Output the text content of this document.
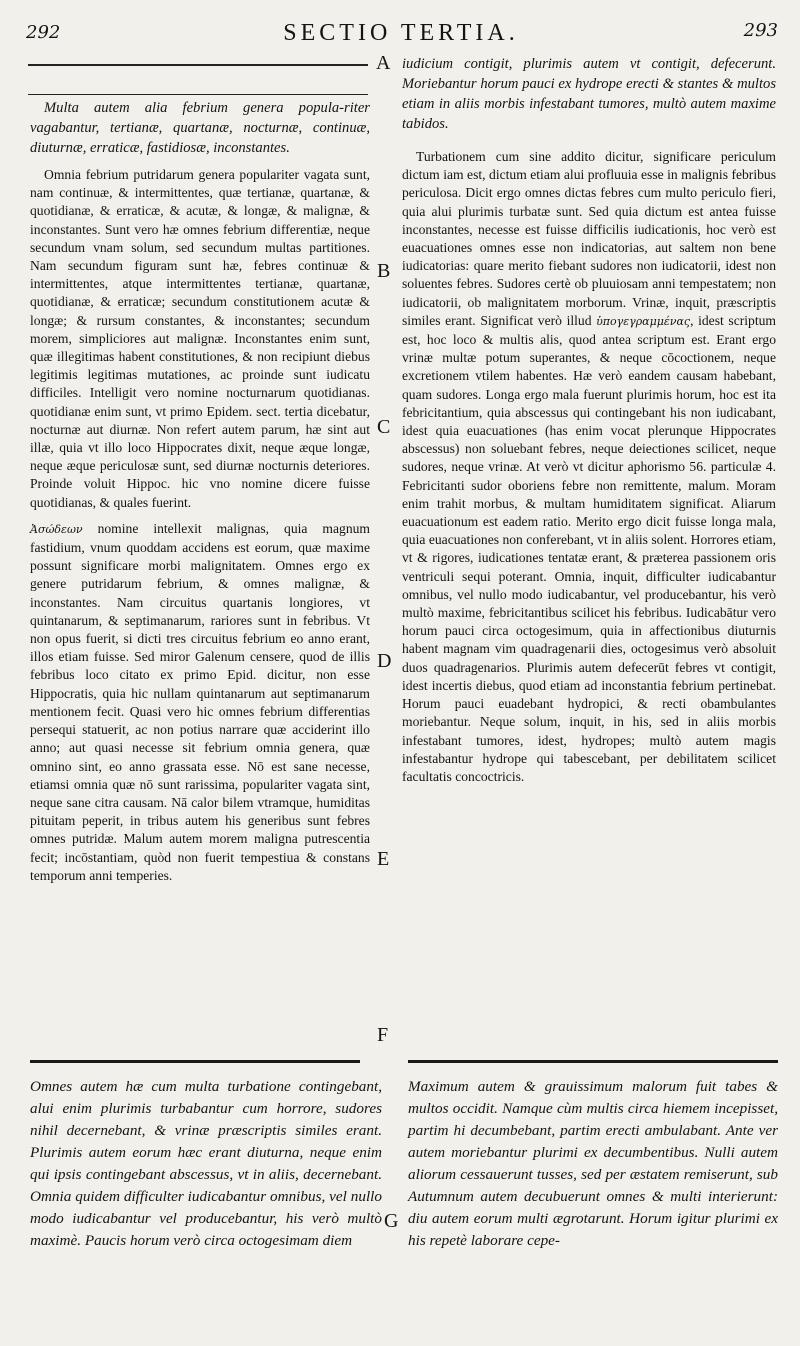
292	SECTIO TERTIA.	293
A
B
C
D
E
F
G

Multa autem alia febrium genera popula-riter vagabantur, tertianæ, quartanæ, nocturnæ, continuæ, diuturnæ, erraticæ, fastidiosæ, inconstantes.

Omnia febrium putridarum genera populariter vagata sunt, nam continuæ, & intermittentes, quæ tertianæ, quartanæ, & quotidianæ, & erraticæ, & acutæ, & longæ, & malignæ, & inconstantes. Sunt vero hæ omnes febrium differentiæ, neque secundum vnam solum, sed secundum multas partitiones. Nam secundum figuram sunt hæ, febres continuæ & intermittentes, atque intermittentes tertianæ, quartanæ, quotidianæ, & erraticæ; secundum constitutionem acutæ & longæ; & rursum constantes, & inconstantes; secundum morem, simpliciores aut malignæ. Inconstantes enim sunt, quæ illegitimas habent constitutiones, & non recipiunt diebus legitimis legitimas mutationes, ac proinde sunt iudicatu difficiles. Intelligit vero nomine nocturnarum quotidianas. quotidianæ enim sunt, vt primo Epidem. sect. tertia dicebatur, nocturnæ aut diurnæ. Non refert autem parum, hæ sint aut illæ, quia vt illo loco Hippocrates dixit, neque æque longæ, neque æque periculosæ sunt, sed diurnæ nocturnis deteriores. Proinde voluit Hippoc. hic vno nomine dicere fuisse quotidianas, & quales fuerint.

Ἀσώδεων nomine intellexit malignas, quia magnum fastidium, vnum quoddam accidens est eorum, quæ maxime possunt significare morbi malignitatem. Omnes ergo ex genere putridarum febrium, & omnes malignæ, & inconstantes. Nam circuitus quartanis longiores, vt quintanarum, & septimanarum, rariores sunt in febribus. Vt non opus fuerit, si dicti tres circuitus febrium eo anno erant, illos etiam fuisse. Sed miror Galenum censere, quod de illis febribus loco citato ex primo Epid. dicitur, non esse Hippocratis, quia hic nullam quintanarum aut septimanarum mentionem fecit. Quasi vero hic omnes febrium differentias persequi statuerit, ac non potius narrare quæ acciderint illo anno; aut quasi necesse sit febrium omnia genera, quæ omnino sint, eo anno grassata esse. Nō est sane necesse, etiamsi omnia quæ nō sunt rarissima, populariter vagata sint, neque sane citra causam. Nā calor bilem vtramque, humiditas pituitam peperit, in tribus autem his generibus sunt febres omnes putridæ. Malum autem morem maligna putrescentia fecit; incōstantiam, quòd non fuerit tempestiua & constans temporum anni temperies.

iudicium contigit, plurimis autem vt contigit, defecerunt. Moriebantur horum pauci ex hydrope erecti & stantes & multos etiam in aliis morbis infestabant tumores, multò autem maxime tabidos.

Turbationem cum sine addito dicitur, significare periculum dictum iam est, dictum etiam alui profluuia esse in malignis febribus periculosa. Dicit ergo omnes dictas febres cum multo periculo fieri, quia alui plurimis turbatæ sunt. Sed quia dictum est antea fuisse inconstantes, necesse est fuisse difficilis iudicationis, hoc verò est euacuationes omnes esse non indicatorias, aut saltem non bene iudicatorias: quare merito fiebant sudores non iudicatorii, idest non soluentes febres. Sudores certè ob pluuiosam anni tempestatem; non iudicatorii, ob malignitatem morborum. Vrinæ, inquit, præscriptis similes erant. Significat verò illud ὑπογεγραμμένας, idest scriptum est, hoc loco & multis alis, quod antea scriptum est. Erant ergo vrinæ multæ potum superantes, & neque cōcoctionem, neque excretionem vtilem habentes. Hæ verò eandem causam habebant, quam sudores. Longa ergo mala fuerunt plurimis horum, hoc est ita febricitantium, quia abscessus qui contingebant his non iudicabant, idest quia euacuationes (has enim vocat plerunque Hippocrates abscessus) non soluebant febres, neque deiectiones scilicet, neque sudores, neque vrinæ. At verò vt dicitur aphorismo 56. particulæ 4. Febricitanti sudor oboriens febre non remittente, malum. Moram enim trahit morbus, & multam humiditatem significat. Aliarum euacuationum est eadem ratio. Merito ergo dicit fuisse longa mala, quia euacuationes non conferebant, vt in aliis solent. Horrores etiam, vt & rigores, iudicationes tentatæ erant, & præterea passionem oris ventriculi sequi poterant. Omnia, inquit, difficulter iudicabantur omnibus, vel nullo modo iudicabantur, vel producebantur, his verò multò maxime, febricitantibus scilicet his febribus. Iudicabātur vero horum pauci circa octogesimum, quia in affectionibus diuturnis habent magnam vim quadragenarii dies, octogesimus verò absoluit duos quadragenarios. Plurimis autem defecerūt febres vt contigit, idest incertis diebus, quod etiam ad inconstantia febrium pertinebat. Horum pauci euadebant hydropici, & recti obambulantes moriebantur. Neque solum, inquit, in his, sed in aliis morbis infestabant tumores, idest, hydropes; multò autem magis infestabantur hydrope qui tabescebant, per debilitatem scilicet facultatis concoctricis.

Omnes autem hæ cum multa turbatione contingebant, alui enim plurimis turbabantur cum horrore, sudores nihil decernebant, & vrinæ præscriptis similes erant. Plurimis autem eorum hæc erant diuturna, neque enim qui ipsis contingebant abscessus, vt in aliis, decernebant. Omnia quidem difficulter iudicabantur omnibus, vel nullo modo iudicabantur vel producebantur, his verò multò maximè. Paucis horum verò circa octogesimam diem

Maximum autem & grauissimum malorum fuit tabes & multos occidit. Namque cùm multis circa hiemem incepisset, partim hi decumbebant, partim erecti ambulabant. Ante ver autem moriebantur plurimi ex decumbentibus. Nulli autem aliorum cessauerunt tusses, sed per æstatem remiserunt, sub Autumnum autem decubuerunt omnes & multi interierunt: diu autem eorum multi ægrotarunt. Horum igitur plurimi ex his repetè laborare cepe-
